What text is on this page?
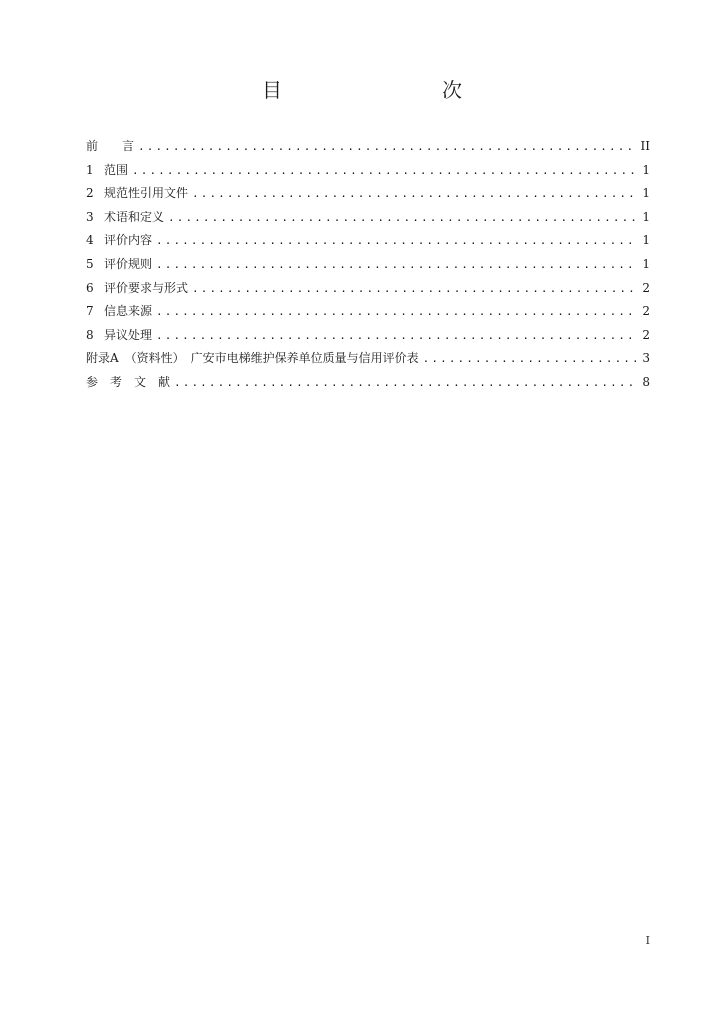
目　　次
前　　言 .....	II
1 范围 .....	1
2 规范性引用文件 .....	1
3 术语和定义 .....	1
4 评价内容 .....	1
5 评价规则 .....	1
6 评价要求与形式 .....	2
7 信息来源 .....	2
8 异议处理 .....	2
附录A　（资料性）　广安市电梯维护保养单位质量与信用评价表 .....	3
参　考　文　献 .....	8
I
